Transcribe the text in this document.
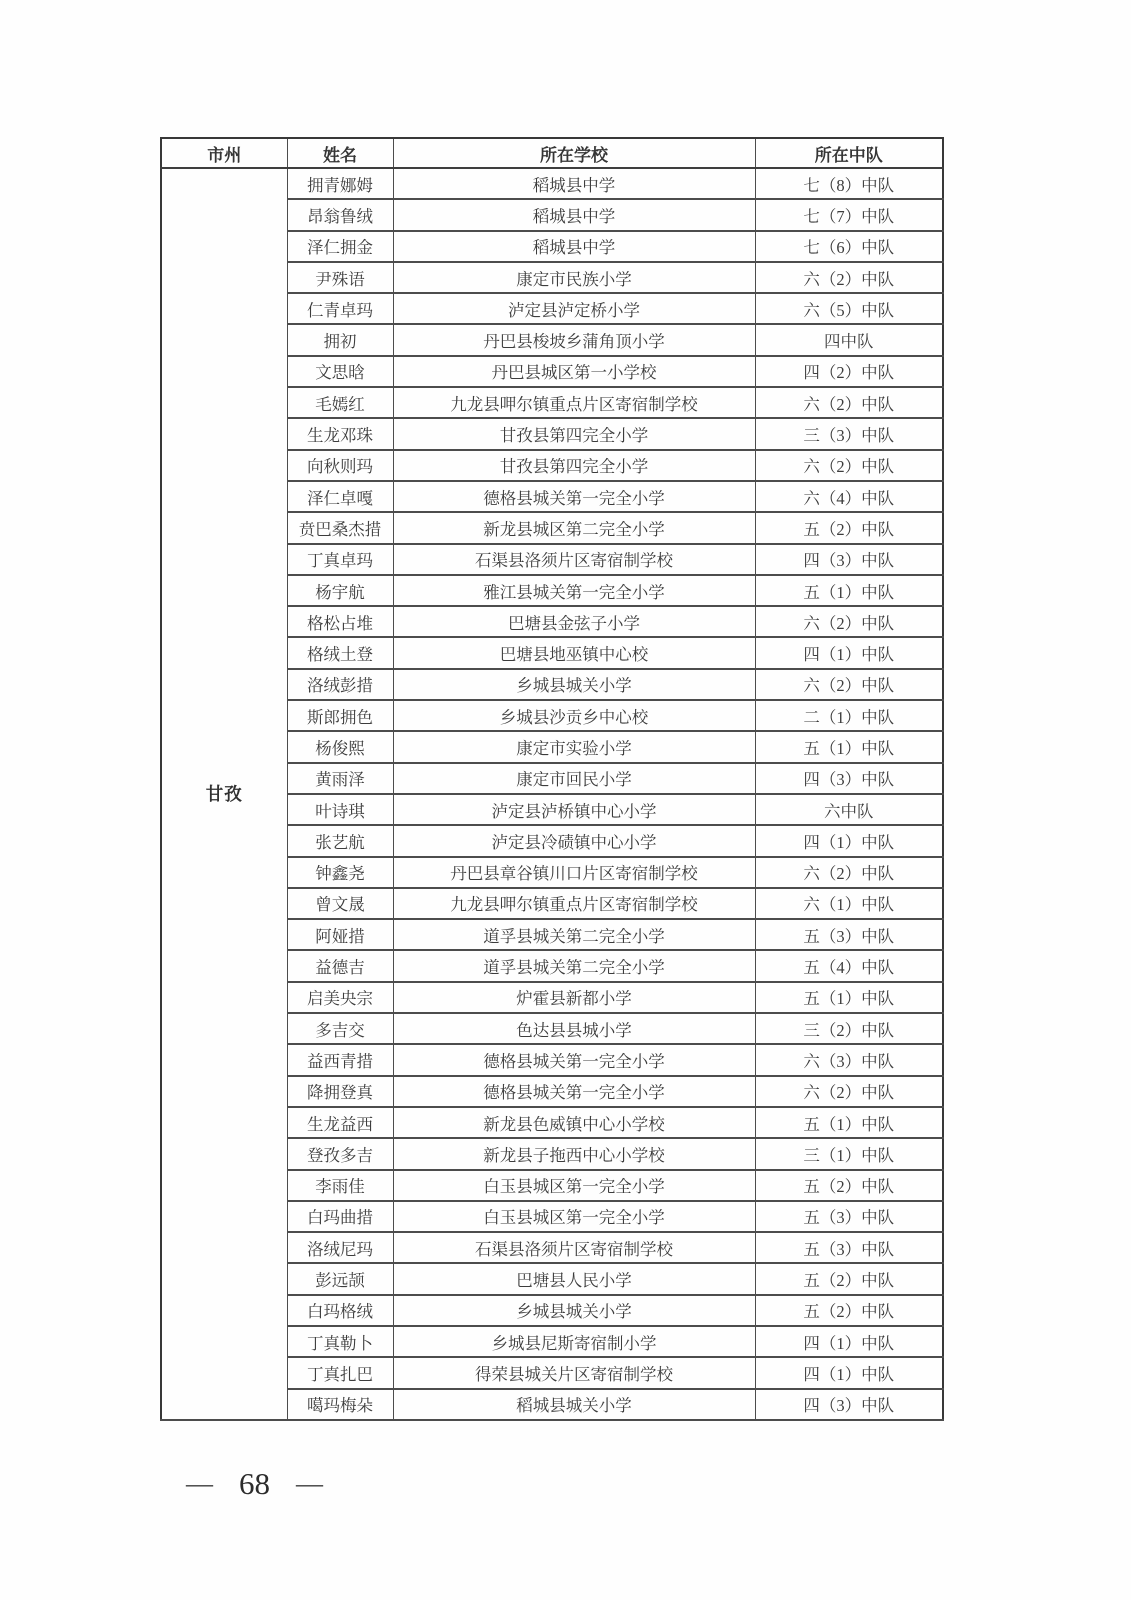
市州	姓名	所在学校	所在中队
甘孜	拥青娜姆	稻城县中学	七（8）中队
	昂翁鲁绒	稻城县中学	七（7）中队
	泽仁拥金	稻城县中学	七（6）中队
	尹殊语	康定市民族小学	六（2）中队
	仁青卓玛	泸定县泸定桥小学	六（5）中队
	拥初	丹巴县梭坡乡蒲角顶小学	四中队
	文思晗	丹巴县城区第一小学校	四（2）中队
	毛嫣红	九龙县呷尔镇重点片区寄宿制学校	六（2）中队
	生龙邓珠	甘孜县第四完全小学	三（3）中队
	向秋则玛	甘孜县第四完全小学	六（2）中队
	泽仁卓嘎	德格县城关第一完全小学	六（4）中队
	贲巴桑杰措	新龙县城区第二完全小学	五（2）中队
	丁真卓玛	石渠县洛须片区寄宿制学校	四（3）中队
	杨宇航	雅江县城关第一完全小学	五（1）中队
	格松占堆	巴塘县金弦子小学	六（2）中队
	格绒土登	巴塘县地巫镇中心校	四（1）中队
	洛绒彭措	乡城县城关小学	六（2）中队
	斯郎拥色	乡城县沙贡乡中心校	二（1）中队
	杨俊熙	康定市实验小学	五（1）中队
	黄雨泽	康定市回民小学	四（3）中队
	叶诗琪	泸定县泸桥镇中心小学	六中队
	张艺航	泸定县冷碛镇中心小学	四（1）中队
	钟鑫尧	丹巴县章谷镇川口片区寄宿制学校	六（2）中队
	曾文晟	九龙县呷尔镇重点片区寄宿制学校	六（1）中队
	阿娅措	道孚县城关第二完全小学	五（3）中队
	益德吉	道孚县城关第二完全小学	五（4）中队
	启美央宗	炉霍县新都小学	五（1）中队
	多吉交	色达县县城小学	三（2）中队
	益西青措	德格县城关第一完全小学	六（3）中队
	降拥登真	德格县城关第一完全小学	六（2）中队
	生龙益西	新龙县色威镇中心小学校	五（1）中队
	登孜多吉	新龙县子拖西中心小学校	三（1）中队
	李雨佳	白玉县城区第一完全小学	五（2）中队
	白玛曲措	白玉县城区第一完全小学	五（3）中队
	洛绒尼玛	石渠县洛须片区寄宿制学校	五（3）中队
	彭远颉	巴塘县人民小学	五（2）中队
	白玛格绒	乡城县城关小学	五（2）中队
	丁真勒卜	乡城县尼斯寄宿制小学	四（1）中队
	丁真扎巴	得荣县城关片区寄宿制学校	四（1）中队
	噶玛梅朵	稻城县城关小学	四（3）中队
— 68 —
